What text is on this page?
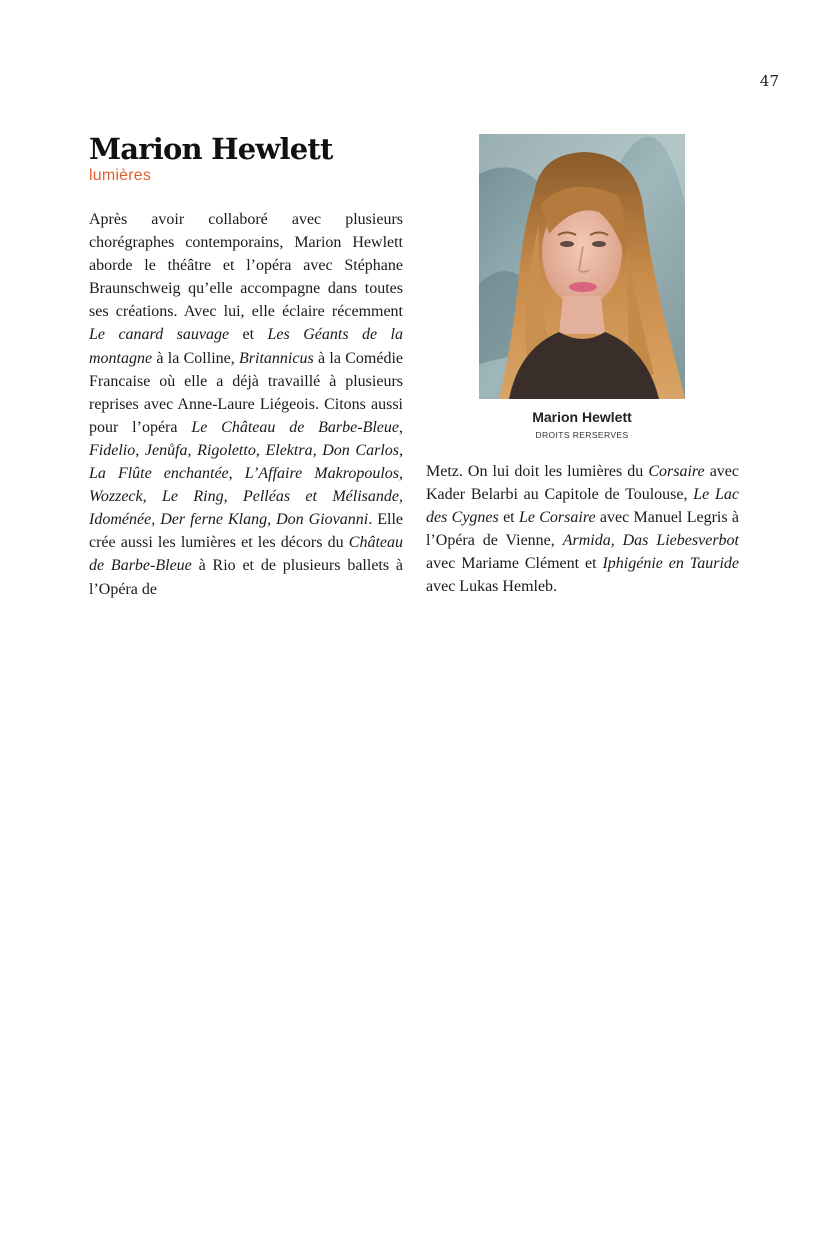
47
Marion Hewlett
lumières

Après avoir collaboré avec plusieurs chorégraphes contemporains, Marion Hewlett aborde le théâtre et l’opéra avec Stéphane Braunschweig qu’elle accompagne dans toutes ses créations. Avec lui, elle éclaire récemment Le canard sauvage et Les Géants de la montagne à la Colline, Britannicus à la Comédie Francaise où elle a déjà travaillé à plusieurs reprises avec Anne-Laure Liégeois. Citons aussi pour l’opéra Le Château de Barbe-Bleue, Fidelio, Jenůfa, Rigoletto, Elektra, Don Carlos, La Flûte enchantée, L’Affaire Makropoulos, Wozzeck, Le Ring, Pelléas et Mélisande, Idoménée, Der ferne Klang, Don Giovanni. Elle crée aussi les lumières et les décors du Château de Barbe-Bleue à Rio et de plusieurs ballets à l’Opéra de

Marion Hewlett
DROITS RERSERVES

Metz. On lui doit les lumières du Corsaire avec Kader Belarbi au Capitole de Toulouse, Le Lac des Cygnes et Le Corsaire avec Manuel Legris à l’Opéra de Vienne, Armida, Das Liebesverbot avec Mariame Clément et Iphigénie en Tauride avec Lukas Hemleb.
